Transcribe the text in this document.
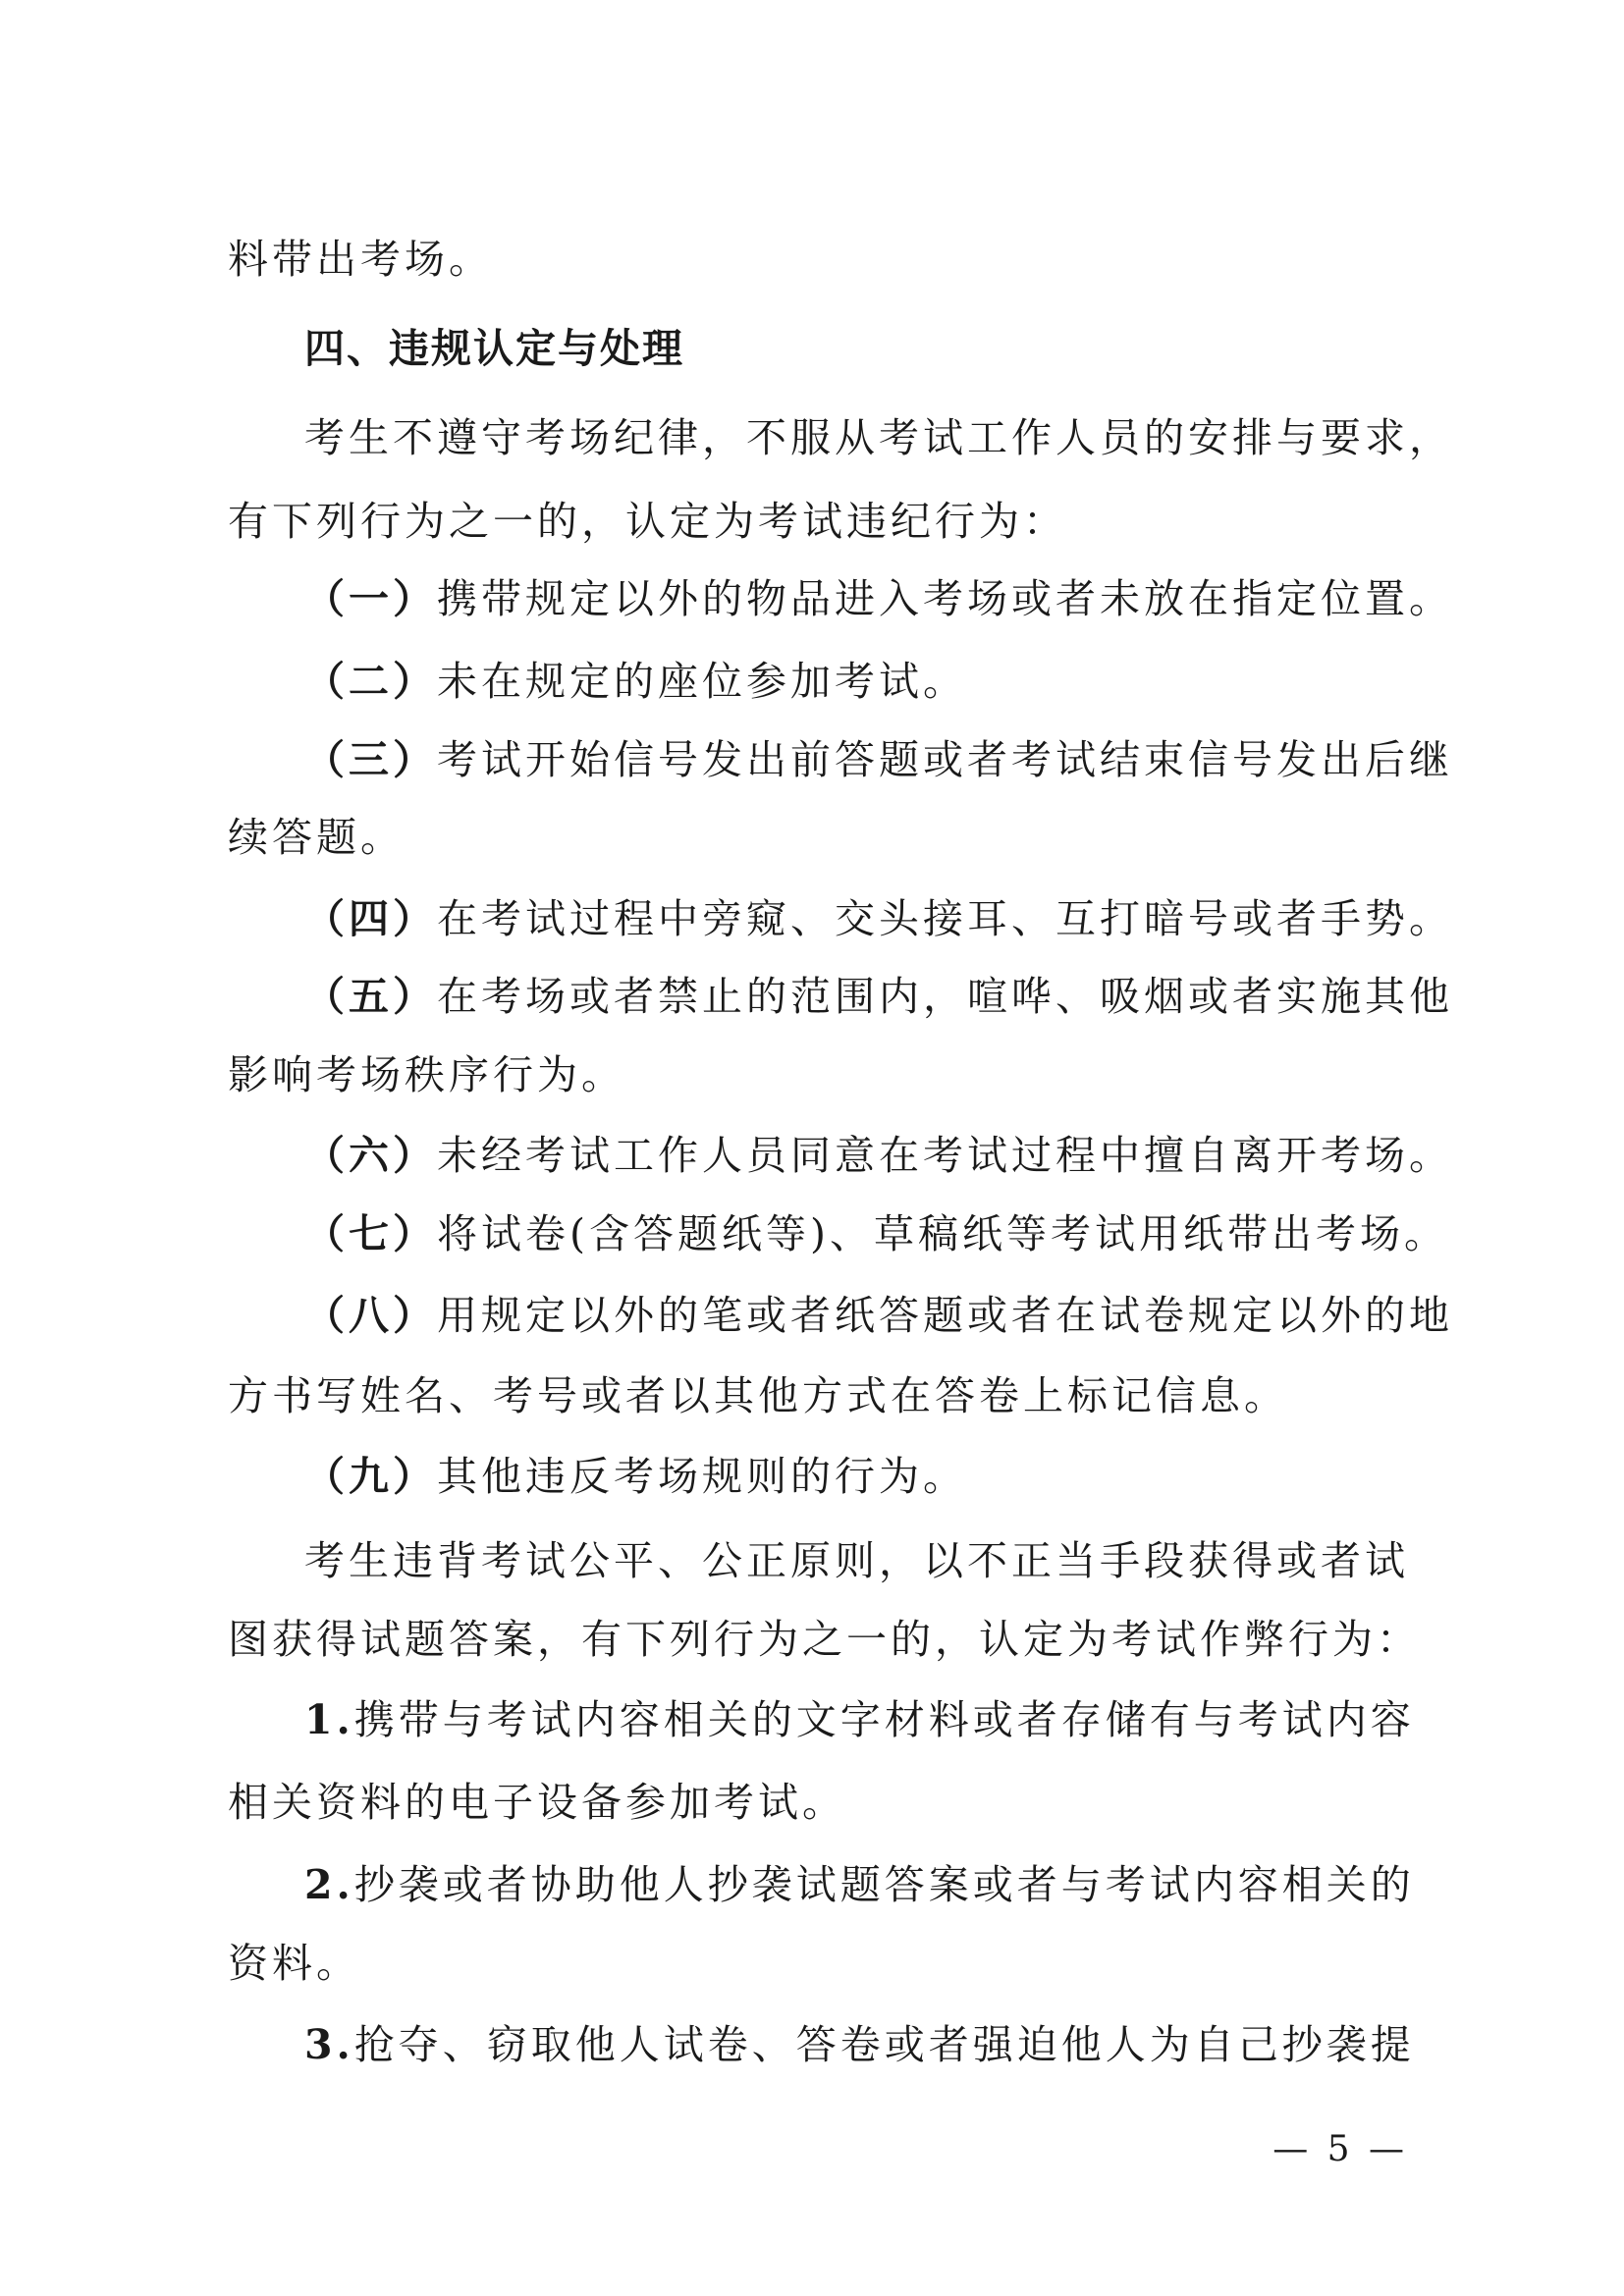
料带出考场。
四、违规认定与处理
考生不遵守考场纪律，不服从考试工作人员的安排与要求，
有下列行为之一的，认定为考试违纪行为：
（一）携带规定以外的物品进入考场或者未放在指定位置。
（二）未在规定的座位参加考试。
（三）考试开始信号发出前答题或者考试结束信号发出后继
续答题。
（四）在考试过程中旁窥、交头接耳、互打暗号或者手势。
（五）在考场或者禁止的范围内，喧哗、吸烟或者实施其他
影响考场秩序行为。
（六）未经考试工作人员同意在考试过程中擅自离开考场。
（七）将试卷(含答题纸等)、草稿纸等考试用纸带出考场。
（八）用规定以外的笔或者纸答题或者在试卷规定以外的地
方书写姓名、考号或者以其他方式在答卷上标记信息。
（九）其他违反考场规则的行为。
考生违背考试公平、公正原则，以不正当手段获得或者试
图获得试题答案，有下列行为之一的，认定为考试作弊行为：
1.携带与考试内容相关的文字材料或者存储有与考试内容
相关资料的电子设备参加考试。
2.抄袭或者协助他人抄袭试题答案或者与考试内容相关的
资料。
3.抢夺、窃取他人试卷、答卷或者强迫他人为自己抄袭提
— 5 —
